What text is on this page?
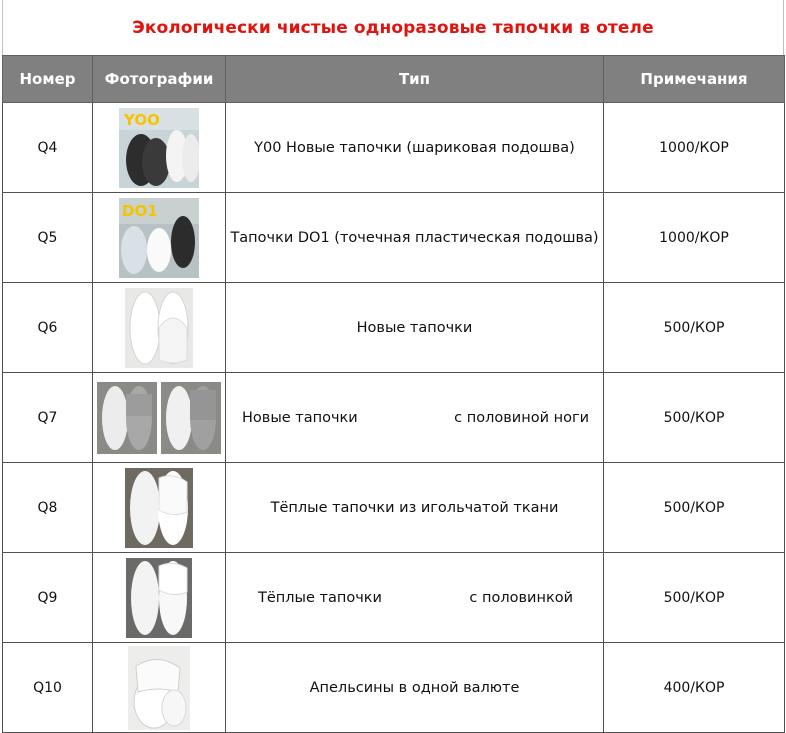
Экологически чистые одноразовые тапочки в отеле
Номер	Фотографии	Тип	Примечания
Q4	YOO	Y00 Новые тапочки (шариковая подошва)	1000/КОР
Q5	DO1	Тапочки DO1 (точечная пластическая подошва)	1000/КОР
Q6		Новые тапочки	500/КОР
Q7		Новые тапочки с половиной ноги	500/КОР
Q8		Тёплые тапочки из игольчатой ткани	500/КОР
Q9		Тёплые тапочки с половинкой	500/КОР
Q10		Апельсины в одной валюте	400/КОР
